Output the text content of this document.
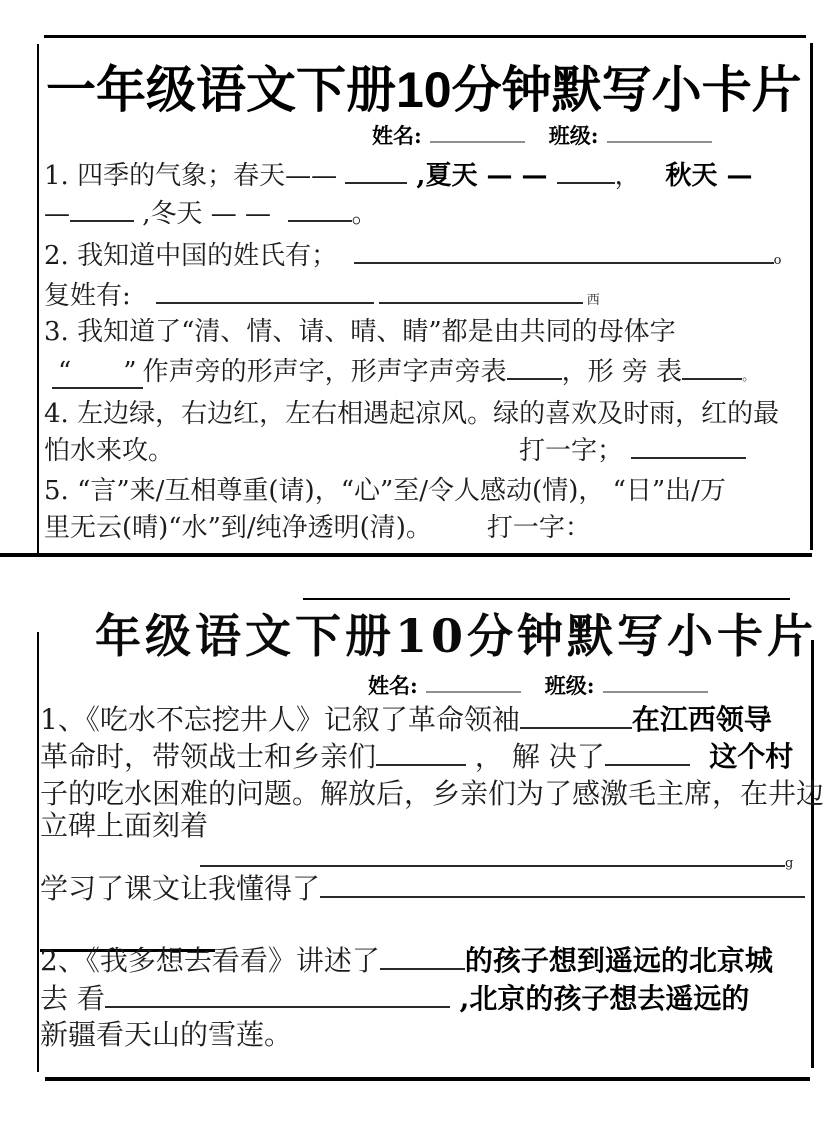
一年级语文下册10分钟默写小卡片
姓名:	班级:
1. 四季的气象；春天——  ,夏天 — — ，   秋天 —
— ,冬天 — —  。
2. 我知道中国的姓氏有；	o
复姓有:	西
3. 我知道了“清、情、请、晴、睛”都是由共同的母体字
“　　” 作声旁的形声字，形声字声旁表 ，形 旁 表	。
4. 左边绿，右边红，左右相遇起凉风。绿的喜欢及时雨，红的最
怕水来攻。	打一字；
5. “言”来/互相尊重(请)，“心”至/令人感动(情)， “日”出/万
里无云(晴)“水”到/纯净透明(清)。 打一字：
年级语文下册10分钟默写小卡片
姓名:	班级:
1、《吃水不忘挖井人》记叙了革命领袖	在江西领导
革命时，带领战士和乡亲们	， 解 决了	这个村
子的吃水困难的问题。解放后，乡亲们为了感激毛主席，在井边
立碑上面刻着
g
学习了课文让我懂得了
2、《我多想去看看》讲述了	的孩子想到遥远的北京城
去 看	,北京的孩子想去遥远的
新疆看天山的雪莲。
